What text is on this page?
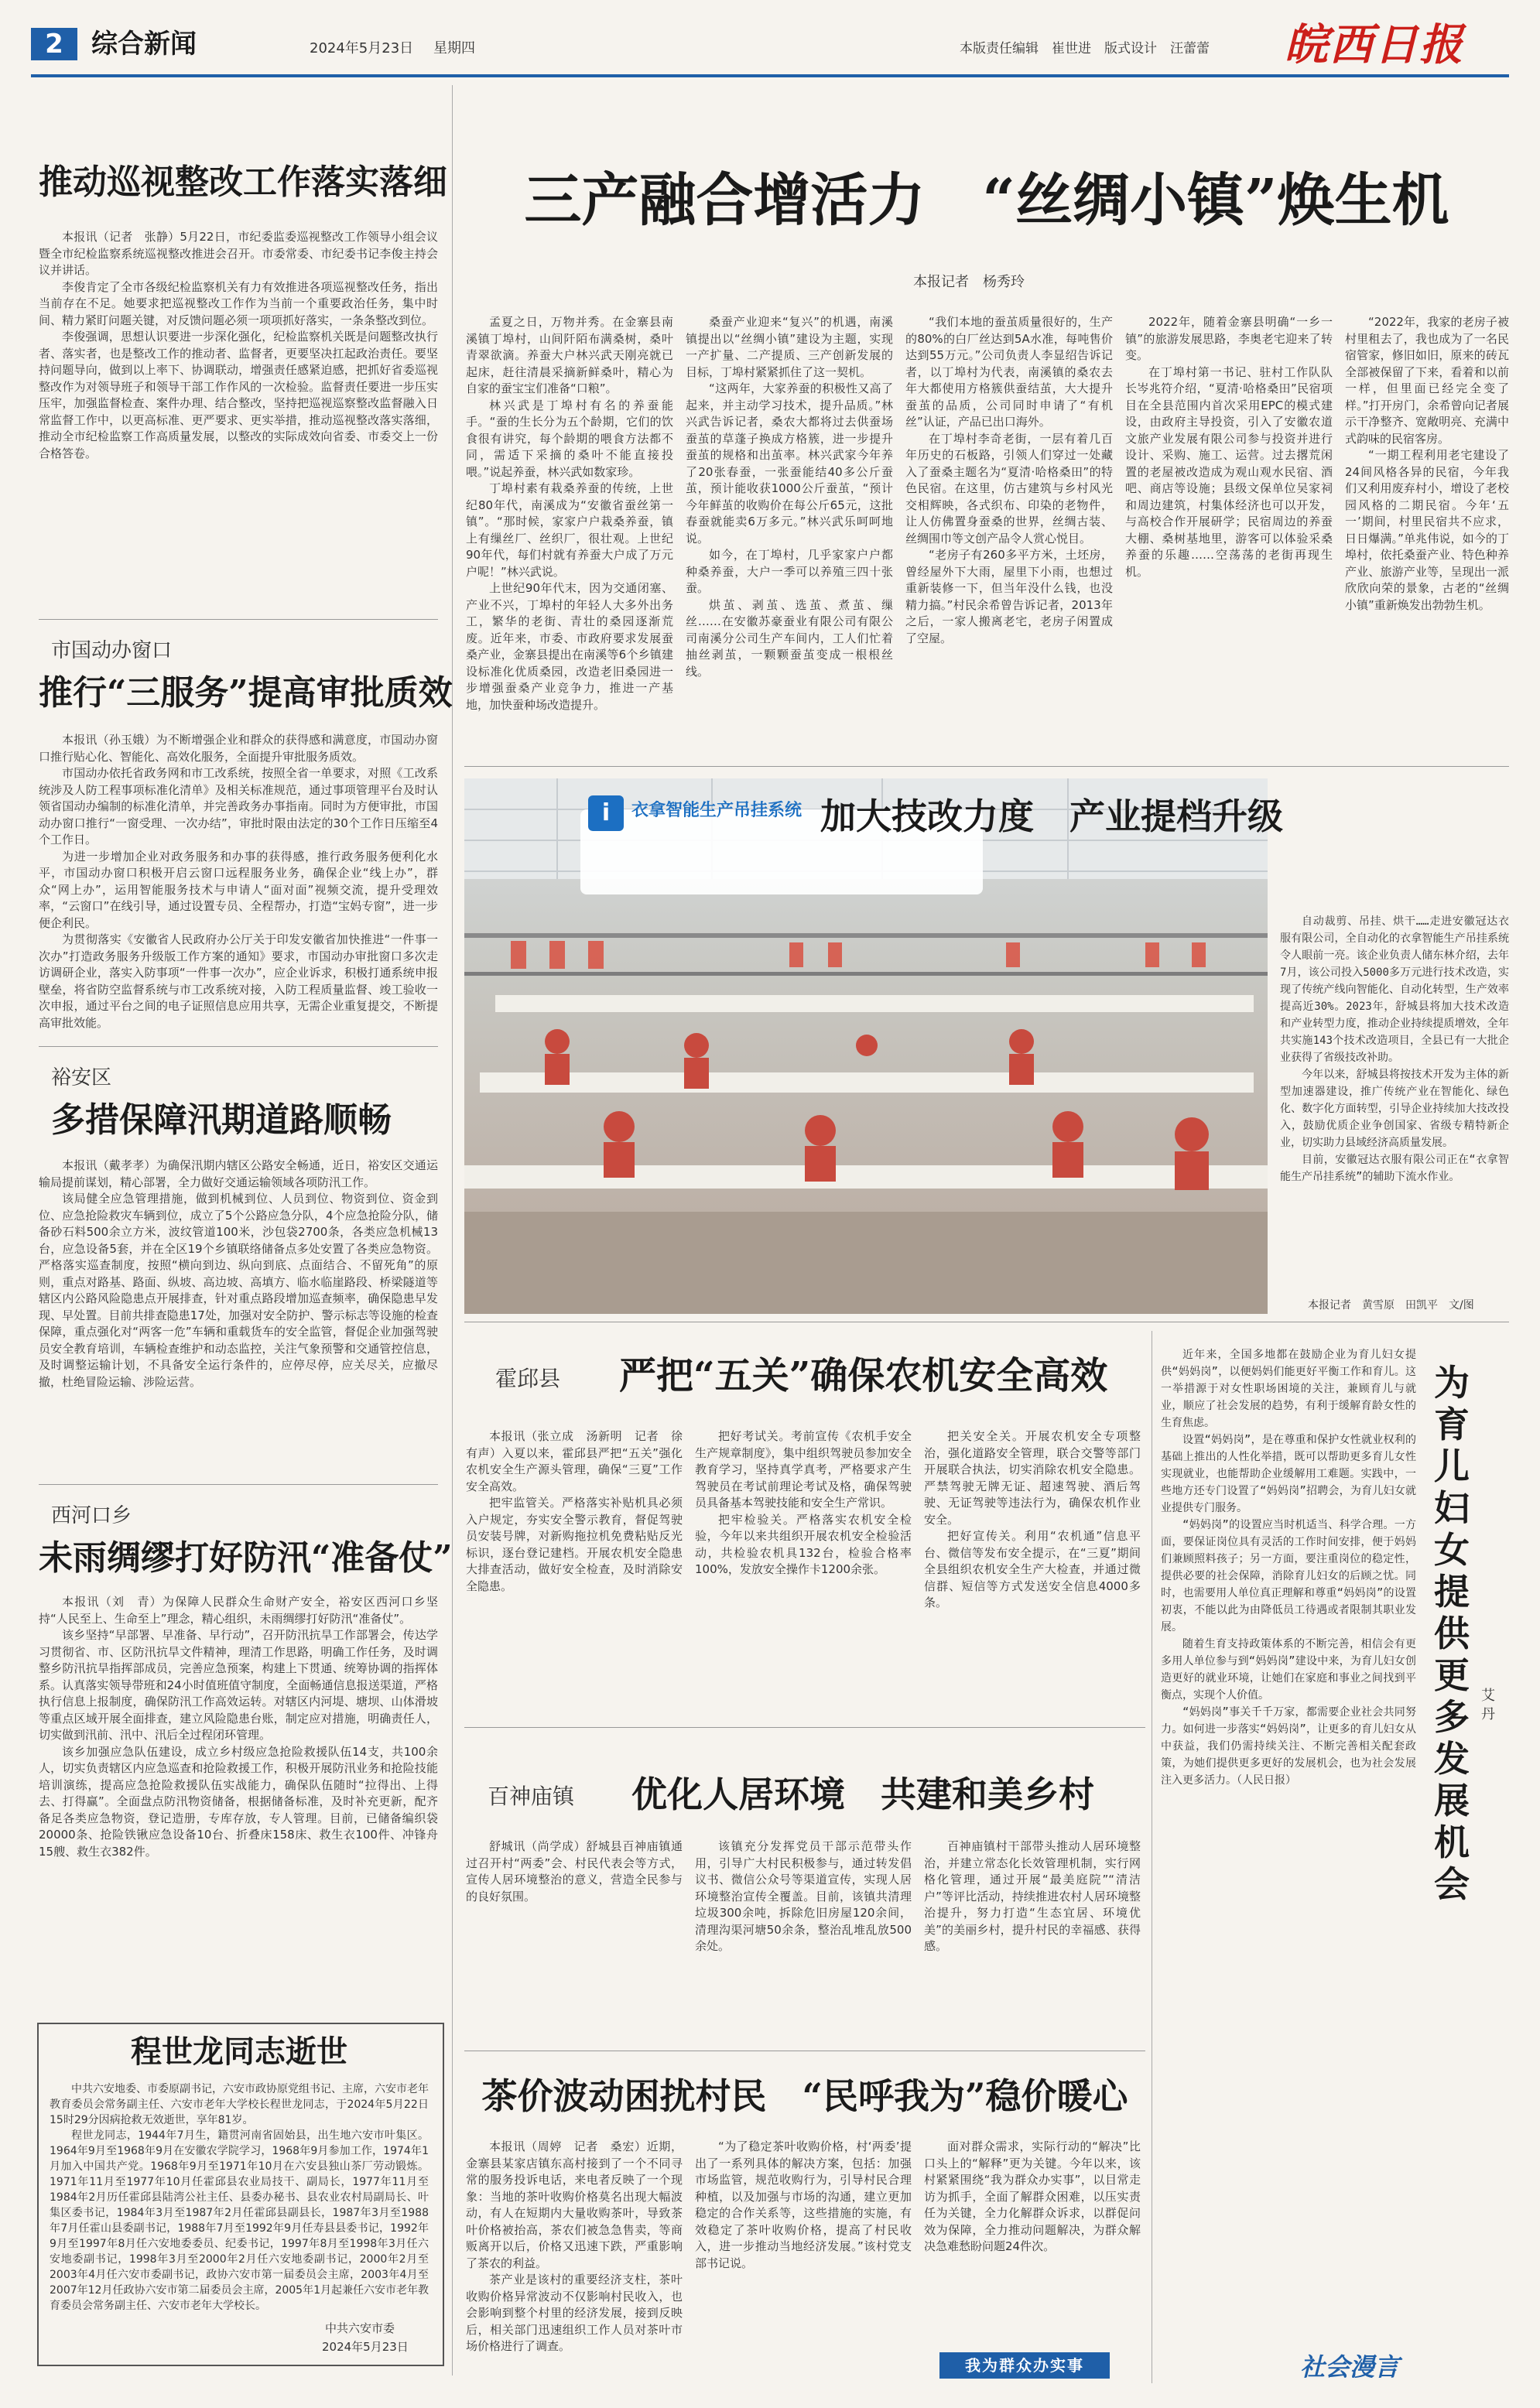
2	综合新闻	2024年5月23日 星期四	本版责任编辑　崔世进　版式设计　汪蕾蕾 皖西日报
推动巡视整改工作落实落细

本报讯（记者　张静）5月22日，市纪委监委巡视整改工作领导小组会议暨全市纪检监察系统巡视整改推进会召开。市委常委、市纪委书记李俊主持会议并讲话。

李俊肯定了全市各级纪检监察机关有力有效推进各项巡视整改任务，指出当前存在不足。她要求把巡视整改工作作为当前一个重要政治任务，集中时间、精力紧盯问题关键，对反馈问题必须一项项抓好落实，一条条整改到位。

李俊强调，思想认识要进一步深化强化，纪检监察机关既是问题整改执行者、落实者，也是整改工作的推动者、监督者，更要坚决扛起政治责任。要坚持问题导向，做到以上率下、协调联动，增强责任感紧迫感，把抓好省委巡视整改作为对领导班子和领导干部工作作风的一次检验。监督责任要进一步压实压牢，加强监督检查、案件办理、结合整改，坚持把巡视巡察整改监督融入日常监督工作中，以更高标准、更严要求、更实举措，推动巡视整改落实落细，推动全市纪检监察工作高质量发展，以整改的实际成效向省委、市委交上一份合格答卷。

市国动办窗口
推行“三服务”提高审批质效

本报讯（孙玉娥）为不断增强企业和群众的获得感和满意度，市国动办窗口推行贴心化、智能化、高效化服务，全面提升审批服务质效。

市国动办依托省政务网和市工改系统，按照全省一单要求，对照《工改系统涉及人防工程事项标准化清单》及相关标准规范，通过事项管理平台及时认领省国动办编制的标准化清单，并完善政务办事指南。同时为方便审批，市国动办窗口推行“一窗受理、一次办结”，审批时限由法定的30个工作日压缩至4个工作日。

为进一步增加企业对政务服务和办事的获得感，推行政务服务便利化水平，市国动办窗口积极开启云窗口远程服务业务，确保企业“线上办”，群众“网上办”，运用智能服务技术与申请人“面对面”视频交流，提升受理效率，“云窗口”在线引导，通过设置专员、全程帮办，打造“宝妈专窗”，进一步便企利民。

为贯彻落实《安徽省人民政府办公厅关于印发安徽省加快推进“一件事一次办”打造政务服务升级版工作方案的通知》要求，市国动办审批窗口多次走访调研企业，落实入防事项“一件事一次办”，应企业诉求，积极打通系统申报壁垒，将省防空监督系统与市工改系统对接，入防工程质量监督、竣工验收一次申报，通过平台之间的电子证照信息应用共享，无需企业重复提交，不断提高审批效能。

裕安区
多措保障汛期道路顺畅

本报讯（戴孝孝）为确保汛期内辖区公路安全畅通，近日，裕安区交通运输局提前谋划，精心部署，全力做好交通运输领域各项防汛工作。

该局健全应急管理措施，做到机械到位、人员到位、物资到位、资金到位、应急抢险救灾车辆到位，成立了5个公路应急分队，4个应急抢险分队，储备砂石料500余立方米，波纹管道100米，沙包袋2700条，各类应急机械13台，应急设备5套，并在全区19个乡镇联络储备点多处安置了各类应急物资。严格落实巡查制度，按照“横向到边、纵向到底、点面结合、不留死角”的原则，重点对路基、路面、纵坡、高边坡、高填方、临水临崖路段、桥梁隧道等辖区内公路风险隐患点开展排查，针对重点路段增加巡查频率，确保隐患早发现、早处置。目前共排查隐患17处，加强对安全防护、警示标志等设施的检查保障，重点强化对“两客一危”车辆和重载货车的安全监管，督促企业加强驾驶员安全教育培训，车辆检查维护和动态监控，关注气象预警和交通管控信息，及时调整运输计划，不具备安全运行条件的，应停尽停，应关尽关，应撤尽撤，杜绝冒险运输、涉险运营。

西河口乡
未雨绸缪打好防汛“准备仗”

本报讯（刘　青）为保障人民群众生命财产安全，裕安区西河口乡坚持“人民至上、生命至上”理念，精心组织，未雨绸缪打好防汛“准备仗”。

该乡坚持“早部署、早准备、早行动”，召开防汛抗旱工作部署会，传达学习贯彻省、市、区防汛抗旱文件精神，理清工作思路，明确工作任务，及时调整乡防汛抗旱指挥部成员，完善应急预案，构建上下贯通、统筹协调的指挥体系。认真落实领导带班和24小时值班值守制度，全面畅通信息报送渠道，严格执行信息上报制度，确保防汛工作高效运转。对辖区内河堤、塘坝、山体滑坡等重点区域开展全面排查，建立风险隐患台账，制定应对措施，明确责任人，切实做到汛前、汛中、汛后全过程闭环管理。

该乡加强应急队伍建设，成立乡村级应急抢险救援队伍14支，共100余人，切实负责辖区内应急巡查和抢险救援工作，积极开展防汛业务和抢险技能培训演练，提高应急抢险救援队伍实战能力，确保队伍随时“拉得出、上得去、打得赢”。全面盘点防汛物资储备，根据储备标准，及时补充更新，配齐备足各类应急物资，登记造册，专库存放，专人管理。目前，已储备编织袋20000条、抢险铁锹应急设备10台、折叠床158床、救生衣100件、冲锋舟15艘、救生衣382件。

程世龙同志逝世

中共六安地委、市委原副书记，六安市政协原党组书记、主席，六安市老年教育委员会常务副主任、六安市老年大学校长程世龙同志，于2024年5月22日15时29分因病抢救无效逝世，享年81岁。

程世龙同志，1944年7月生，籍贯河南省固始县，出生地六安市叶集区。1964年9月至1968年9月在安徽农学院学习，1968年9月参加工作，1974年1月加入中国共产党。1968年9月至1971年10月在六安县独山茶厂劳动锻炼。1971年11月至1977年10月任霍邱县农业局技干、副局长，1977年11月至1984年2月历任霍邱县陆湾公社主任、县委办秘书、县农业农村局副局长、叶集区委书记，1984年3月至1987年2月任霍邱县副县长，1987年3月至1988年7月任霍山县委副书记，1988年7月至1992年9月任寿县县委书记，1992年9月至1997年8月任六安地委委员、纪委书记，1997年8月至1998年3月任六安地委副书记，1998年3月至2000年2月任六安地委副书记，2000年2月至2003年4月任六安市委副书记，政协六安市第一届委员会主席，2003年4月至2007年12月任政协六安市第二届委员会主席，2005年1月起兼任六安市老年教育委员会常务副主任、六安市老年大学校长。

中共六安市委
2024年5月23日
三产融合增活力　“丝绸小镇”焕生机
本报记者　杨秀玲

孟夏之日，万物并秀。在金寨县南溪镇丁埠村，山间阡陌布满桑树，桑叶青翠欲滴。养蚕大户林兴武天刚亮就已起床，赶往清晨采摘新鲜桑叶，精心为自家的蚕宝宝们准备“口粮”。

林兴武是丁埠村有名的养蚕能手。“蚕的生长分为五个龄期，它们的饮食很有讲究，每个龄期的喂食方法都不同，需适下采摘的桑叶不能直接投喂。”说起养蚕，林兴武如数家珍。

丁埠村素有栽桑养蚕的传统，上世纪80年代，南溪成为“安徽省蚕丝第一镇”。“那时候，家家户户栽桑养蚕，镇上有缫丝厂、丝织厂，很壮观。上世纪90年代，每们村就有养蚕大户成了万元户呢！”林兴武说。

上世纪90年代末，因为交通闭塞、产业不兴，丁埠村的年轻人大多外出务工，繁华的老街、青壮的桑园逐渐荒废。近年来，市委、市政府要求发展蚕桑产业，金寨县提出在南溪等6个乡镇建设标准化优质桑园，改造老旧桑园进一步增强蚕桑产业竞争力，推进一产基地，加快蚕种场改造提升。

桑蚕产业迎来“复兴”的机遇，南溪镇提出以“丝绸小镇”建设为主题，实现一产扩量、二产提质、三产创新发展的目标，丁埠村紧紧抓住了这一契机。

“这两年，大家养蚕的积极性又高了起来，并主动学习技术，提升品质。”林兴武告诉记者，桑农大都将过去供蚕场蚕茧的草蓬子换成方格簇，进一步提升蚕茧的规格和出茧率。林兴武家今年养了20张春蚕，一张蚕能结40多公斤蚕茧，预计能收获1000公斤蚕茧，“预计今年鲜茧的收购价在每公斤65元，这批春蚕就能卖6万多元。”林兴武乐呵呵地说。

如今，在丁埠村，几乎家家户户都种桑养蚕，大户一季可以养殖三四十张蚕。

烘茧、剥茧、选茧、煮茧、缫丝……在安徽苏豪蚕业有限公司有限公司南溪分公司生产车间内，工人们忙着抽丝剥茧，一颗颗蚕茧变成一根根丝线。

“我们本地的蚕茧质量很好的，生产的80%的白厂丝达到5A水准，每吨售价达到55万元。”公司负责人李显绍告诉记者，以丁埠村为代表，南溪镇的桑农去年大都使用方格簇供蚕结茧，大大提升蚕茧的品质，公司同时申请了“有机丝”认证，产品已出口海外。

在丁埠村李奇老街，一层有着几百年历史的石板路，引领人们穿过一处藏入了蚕桑主题名为“夏清·哈格桑田”的特色民宿。在这里，仿古建筑与乡村风光交相辉映，各式织布、印染的老物件，让人仿佛置身蚕桑的世界，丝绸古装、丝绸围巾等文创产品令人赏心悦目。

“老房子有260多平方米，土坯房，曾经屋外下大雨，屋里下小雨，也想过重新装修一下，但当年没什么钱，也没精力搞。”村民余希曾告诉记者，2013年之后，一家人搬离老宅，老房子闲置成了空屋。

2022年，随着金寨县明确“一乡一镇”的旅游发展思路，李奥老宅迎来了转变。

在丁埠村第一书记、驻村工作队队长岑兆符介绍，“夏清·哈格桑田”民宿项目在全县范围内首次采用EPC的模式建设，由政府主导投资，引入了安徽农道文旅产业发展有限公司参与投资并进行设计、采购、施工、运营。过去撂荒闲置的老屋被改造成为观山观水民宿、酒吧、商店等设施；县级文保单位吴家祠和周边建筑，村集体经济也可以开发，与高校合作开展研学；民宿周边的养蚕大棚、桑树基地里，游客可以体验采桑养蚕的乐趣……空荡荡的老街再现生机。

“2022年，我家的老房子被村里租去了，我也成为了一名民宿管家，修旧如旧，原来的砖瓦全部被保留了下来，看着和以前一样，但里面已经完全变了样。”打开房门，余希曾向记者展示干净整齐、宽敞明亮、充满中式韵味的民宿客房。

“一期工程利用老宅建设了24间风格各异的民宿，今年我们又利用废弃村小，增设了老校园风格的二期民宿。今年‘五一’期间，村里民宿共不应求，日日爆满。”单兆伟说，如今的丁埠村，依托桑蚕产业、特色种养产业、旅游产业等，呈现出一派欣欣向荣的景象，古老的“丝绸小镇”重新焕发出勃勃生机。

i	衣拿智能生产吊挂系统 加大技改力度　产业提档升级

自动裁剪、吊挂、烘干……走进安徽冠达衣服有限公司，全自动化的衣拿智能生产吊挂系统令人眼前一亮。该企业负责人储东林介绍，去年7月，该公司投入5000多万元进行技术改造，实现了传统产线向智能化、自动化转型，生产效率提高近30%。2023年，舒城县将加大技术改造和产业转型力度，推动企业持续提质增效，全年共实施143个技术改造项目，全县已有一大批企业获得了省级技改补助。

今年以来，舒城县将按技术开发为主体的新型加速器建设，推广传统产业在智能化、绿色化、数字化方面转型，引导企业持续加大技改投入，鼓励优质企业争创国家、省级专精特新企业，切实助力县域经济高质量发展。

目前，安徽冠达衣服有限公司正在“衣拿智能生产吊挂系统”的辅助下流水作业。

本报记者　黄雪原　田凯平　文/图
霍邱县 严把“五关”确保农机安全高效

本报讯（张立成　汤新明　记者　徐有声）入夏以来，霍邱县严把“五关”强化农机安全生产源头管理，确保“三夏”工作安全高效。

把牢监管关。严格落实补贴机具必须入户规定，夯实安全警示教育，督促驾驶员安装号牌，对新购拖拉机免费粘贴反光标识，逐台登记建档。开展农机安全隐患大排查活动，做好安全检查，及时消除安全隐患。

把好考试关。考前宣传《农机手安全生产规章制度》，集中组织驾驶员参加安全教育学习，坚持真学真考，严格要求产生驾驶员在考试前理论考试及格，确保驾驶员具备基本驾驶技能和安全生产常识。

把牢检验关。严格落实农机安全检验，今年以来共组织开展农机安全检验活动，共检验农机具132台，检验合格率100%，发放安全操作卡1200余张。

把关安全关。开展农机安全专项整治，强化道路安全管理，联合交警等部门开展联合执法，切实消除农机安全隐患。严禁驾驶无牌无证、超速驾驶、酒后驾驶、无证驾驶等违法行为，确保农机作业安全。

把好宣传关。利用“农机通”信息平台、微信等发布安全提示，在“三夏”期间全县组织农机安全生产大检查，并通过微信群、短信等方式发送安全信息4000多条。

百神庙镇 优化人居环境　共建和美乡村

舒城讯（尚学成）舒城县百神庙镇通过召开村“两委”会、村民代表会等方式，宣传人居环境整治的意义，营造全民参与的良好氛围。

该镇充分发挥党员干部示范带头作用，引导广大村民积极参与，通过转发倡议书、微信公众号等渠道宣传，实现人居环境整治宣传全覆盖。目前，该镇共清理垃圾300余吨，拆除危旧房屋120余间，清理沟渠河塘50余条，整治乱堆乱放500余处。

百神庙镇村干部带头推动人居环境整治，并建立常态化长效管理机制，实行网格化管理，通过开展“最美庭院”“清洁户”等评比活动，持续推进农村人居环境整治提升，努力打造“生态宜居、环境优美”的美丽乡村，提升村民的幸福感、获得感。

茶价波动困扰村民　“民呼我为”稳价暖心

本报讯（周婷　记者　桑宏）近期，金寨县某家店镇东高村接到了一个不同寻常的服务投诉电话，来电者反映了一个现象：当地的茶叶收购价格莫名出现大幅波动，有人在短期内大量收购茶叶，导致茶叶价格被抬高，茶农们被急急售卖，等商贩离开以后，价格又迅速下跌，严重影响了茶农的利益。

茶产业是该村的重要经济支柱，茶叶收购价格异常波动不仅影响村民收入，也会影响到整个村里的经济发展，接到反映后，相关部门迅速组织工作人员对茶叶市场价格进行了调查。

“为了稳定茶叶收购价格，村‘两委’提出了一系列具体的解决方案，包括：加强市场监管，规范收购行为，引导村民合理种植，以及加强与市场的沟通，建立更加稳定的合作关系等，这些措施的实施，有效稳定了茶叶收购价格，提高了村民收入，进一步推动当地经济发展。”该村党支部书记说。

面对群众需求，实际行动的“解决”比口头上的“解释”更为关键。今年以来，该村紧紧围绕“我为群众办实事”，以目常走访为抓手，全面了解群众困难，以压实责任为关键，全力化解群众诉求，以群促问效为保障，全力推动问题解决，为群众解决急难愁盼问题24件次。

我为群众办实事

近年来，全国多地都在鼓励企业为育儿妇女提供“妈妈岗”，以便妈妈们能更好平衡工作和育儿。这一举措源于对女性职场困境的关注，兼顾育儿与就业，顺应了社会发展的趋势，有利于缓解育龄女性的生育焦虑。

设置“妈妈岗”，是在尊重和保护女性就业权利的基础上推出的人性化举措，既可以帮助更多育儿女性实现就业，也能帮助企业缓解用工难题。实践中，一些地方还专门设置了“妈妈岗”招聘会，为育儿妇女就业提供专门服务。

“妈妈岗”的设置应当时机适当、科学合理。一方面，要保证岗位具有灵活的工作时间安排，便于妈妈们兼顾照料孩子；另一方面，要注重岗位的稳定性，提供必要的社会保障，消除育儿妇女的后顾之忧。同时，也需要用人单位真正理解和尊重“妈妈岗”的设置初衷，不能以此为由降低员工待遇或者限制其职业发展。

随着生育支持政策体系的不断完善，相信会有更多用人单位参与到“妈妈岗”建设中来，为育儿妇女创造更好的就业环境，让她们在家庭和事业之间找到平衡点，实现个人价值。

“妈妈岗”事关千千万家，都需要企业社会共同努力。如何进一步落实“妈妈岗”，让更多的育儿妇女从中获益，我们仍需持续关注、不断完善相关配套政策，为她们提供更多更好的发展机会，也为社会发展注入更多活力。（人民日报）

为育儿妇女提供更多发展机会
艾　丹
社会漫言
